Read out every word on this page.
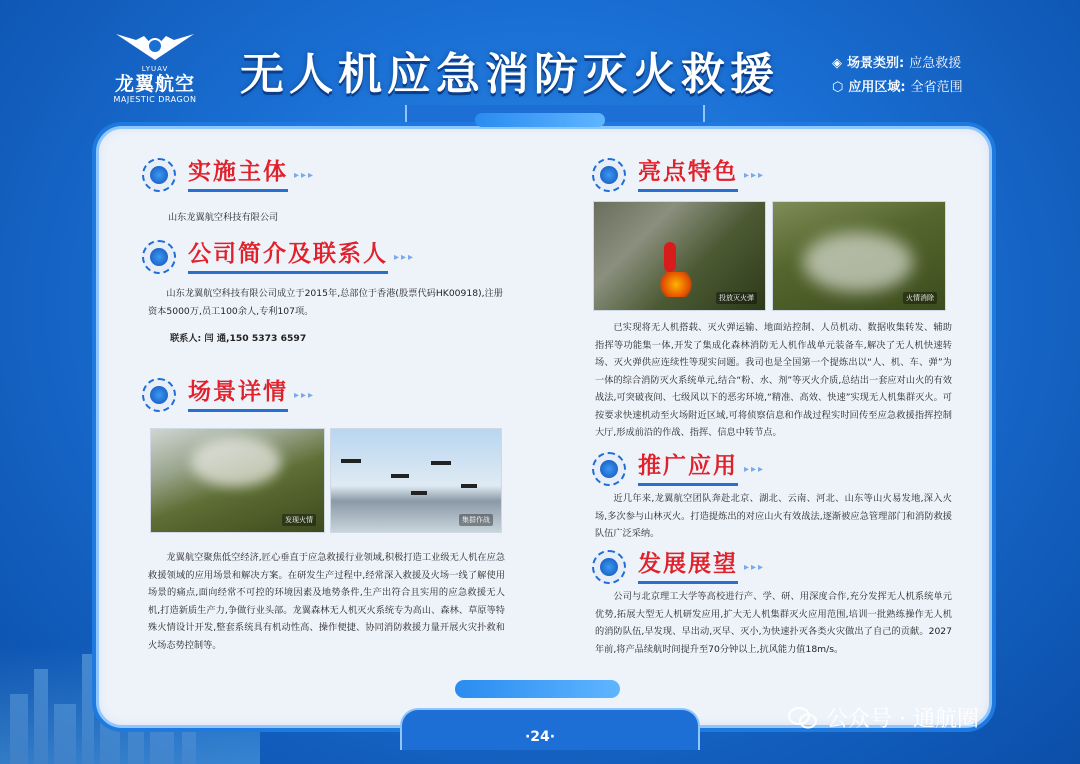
LYUAV
龙翼航空
MAJESTIC DRAGON 无人机应急消防灭火救援	◈ 场景类别: 应急救援
⬡ 应用区域: 全省范围
·24·
实施主体 ▸▸▸
山东龙翼航空科技有限公司
公司简介及联系人 ▸▸▸
山东龙翼航空科技有限公司成立于2015年,总部位于香港(股票代码HK00918),注册资本5000万,员工100余人,专利107项。
联系人: 闫 通,150 5373 6597
场景详情 ▸▸▸
发现火情	集群作战
龙翼航空聚焦低空经济,匠心垂直于应急救援行业领域,积极打造工业级无人机在应急救援领域的应用场景和解决方案。在研发生产过程中,经常深入救援及火场一线了解使用场景的痛点,面向经常不可控的环境因素及地势条件,生产出符合且实用的应急救援无人机,打造新质生产力,争做行业头部。龙翼森林无人机灭火系统专为高山、森林、草原等特殊火情设计开发,整套系统具有机动性高、操作便捷、协同消防救援力量开展火灾扑救和火场态势控制等。
亮点特色 ▸▸▸
投放灭火弹	火情消除
已实现将无人机搭载、灭火弹运输、地面站控制、人员机动、数据收集转发、辅助指挥等功能集一体,开发了集成化森林消防无人机作战单元装备车,解决了无人机快速转场、灭火弹供应连续性等现实问题。我司也是全国第一个提炼出以“人、机、车、弹”为一体的综合消防灭火系统单元,结合“粉、水、剂”等灭火介质,总结出一套应对山火的有效战法,可突破夜间、七级风以下的恶劣环境,“精准、高效、快速”实现无人机集群灭火。可按要求快速机动至火场附近区域,可将侦察信息和作战过程实时回传至应急救援指挥控制大厅,形成前沿的作战、指挥、信息中转节点。
推广应用 ▸▸▸
近几年来,龙翼航空团队奔赴北京、湖北、云南、河北、山东等山火易发地,深入火场,多次参与山林灭火。打造提炼出的对应山火有效战法,逐渐被应急管理部门和消防救援队伍广泛采纳。
发展展望 ▸▸▸
公司与北京理工大学等高校进行产、学、研、用深度合作,充分发挥无人机系统单元优势,拓展大型无人机研发应用,扩大无人机集群灭火应用范围,培训一批熟练操作无人机的消防队伍,早发现、早出动,灭早、灭小,为快速扑灭各类火灾做出了自己的贡献。2027年前,将产品续航时间提升至70分钟以上,抗风能力值18m/s。
公众号 · 通航圈
